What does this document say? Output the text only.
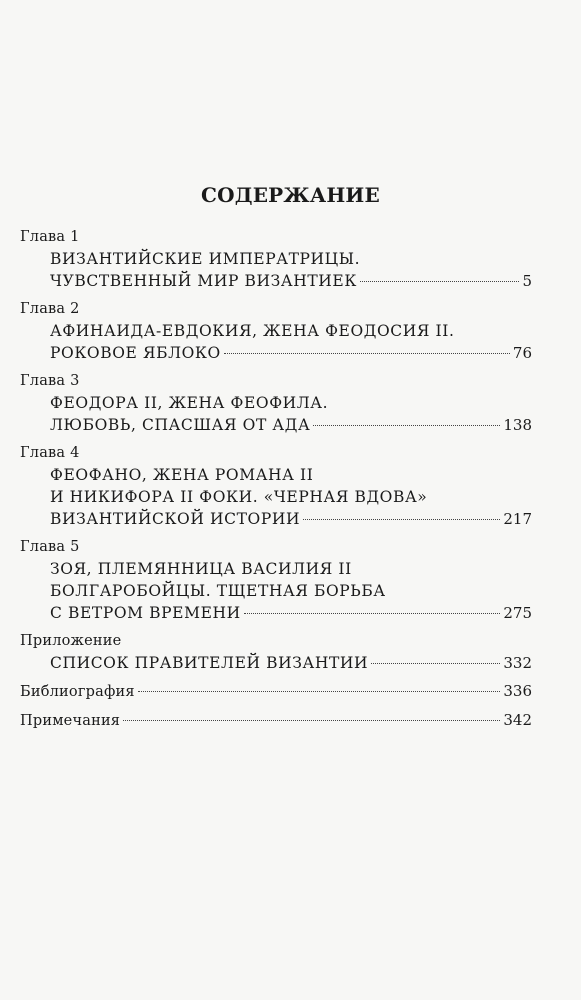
СОДЕРЖАНИЕ
Глава 1
ВИЗАНТИЙСКИЕ ИМПЕРАТРИЦЫ.
ЧУВСТВЕННЫЙ МИР ВИЗАНТИЕК	5
Глава 2
АФИНАИДА-ЕВДОКИЯ, ЖЕНА ФЕОДОСИЯ II.
РОКОВОЕ ЯБЛОКО	76
Глава 3
ФЕОДОРА II, ЖЕНА ФЕОФИЛА.
ЛЮБОВЬ, СПАСШАЯ ОТ АДА	138
Глава 4
ФЕОФАНО, ЖЕНА РОМАНА II
И НИКИФОРА II ФОКИ. «ЧЕРНАЯ ВДОВА»
ВИЗАНТИЙСКОЙ ИСТОРИИ	217
Глава 5
ЗОЯ, ПЛЕМЯННИЦА ВАСИЛИЯ II
БОЛГАРОБОЙЦЫ. ТЩЕТНАЯ БОРЬБА
С ВЕТРОМ ВРЕМЕНИ	275
Приложение
СПИСОК ПРАВИТЕЛЕЙ ВИЗАНТИИ	332
Библиография	336
Примечания	342
